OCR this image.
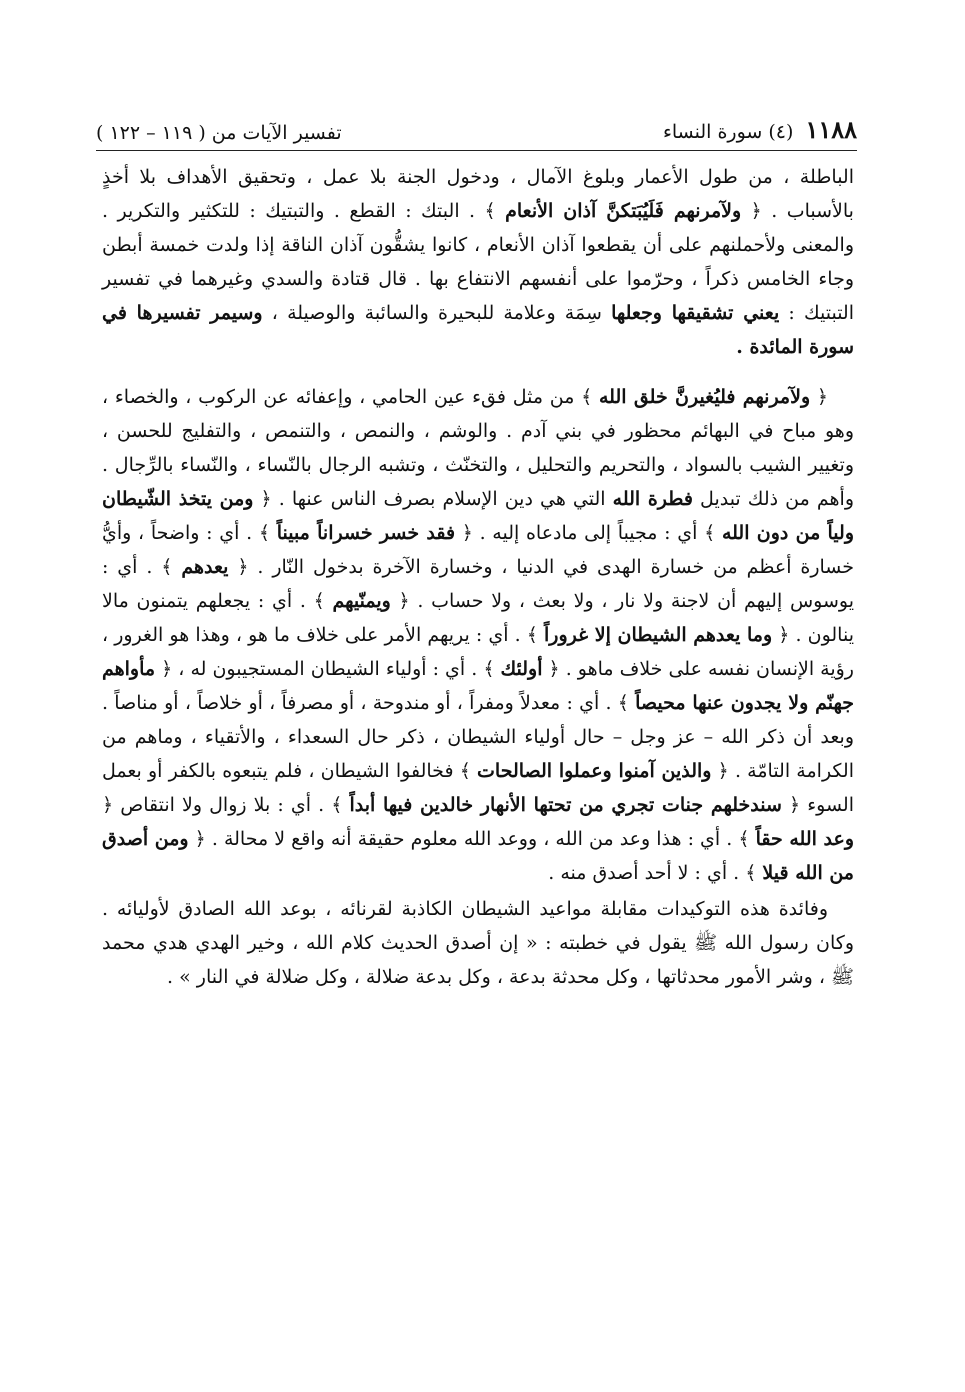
١١٨٨
(٤) سورة النساء
تفسير الآيات من ( ١١٩ – ١٢٢ )

الباطلة ، من طول الأعمار وبلوغ الآمال ، ودخول الجنة بلا عمل ، وتحقيق الأهداف بلا أخذٍ بالأسباب . ﴿ ولآمرنهم فَلَيُبَتكنَّ آذان الأنعام ﴾ . البتك : القطع . والتبتيك : للتكثير والتكرير . والمعنى ولأحملنهم على أن يقطعوا آذان الأنعام ، كانوا يشقُّون آذان الناقة إذا ولدت خمسة أبطن وجاء الخامس ذكراً ، وحرّموا على أنفسهم الانتفاع بها . قال قتادة والسدي وغيرهما في تفسير التبتيك : يعني تشقيقها وجعلها سِمَة وعلامة للبحيرة والسائبة والوصيلة ، وسيمر تفسيرها في سورة المائدة .

﴿ ولآمرنهم فليُغيرنَّ خلق الله ﴾ من مثل فقء عين الحامي ، وإعفائه عن الركوب ، والخصاء ، وهو مباح في البهائم محظور في بني آدم . والوشم ، والنمص ، والتنمص ، والتفليج للحسن ، وتغيير الشيب بالسواد ، والتحريم والتحليل ، والتخنّث ، وتشبه الرجال بالنّساء ، والنّساء بالرِّجال . وأهم من ذلك تبديل فطرة الله التي هي دين الإسلام بصرف الناس عنها . ﴿ ومن يتخذ الشّيطان ولياً من دون الله ﴾ أي : مجيباً إلى مادعاه إليه . ﴿ فقد خسر خسراناً مبيناً ﴾ . أي : واضحاً ، وأيُّ خسارة أعظم من خسارة الهدى في الدنيا ، وخسارة الآخرة بدخول النّار . ﴿ يعدهم ﴾ . أي : يوسوس إليهم أن لاجنة ولا نار ، ولا بعث ، ولا حساب . ﴿ ويمنّيهم ﴾ . أي : يجعلهم يتمنون مالا ينالون . ﴿ وما يعدهم الشيطان إلا غروراً ﴾ . أي : يريهم الأمر على خلاف ما هو ، وهذا هو الغرور ، رؤية الإنسان نفسه على خلاف ماهو . ﴿ أولئك ﴾ . أي : أولياء الشيطان المستجيبون له ، ﴿ مأواهم جهنّم ولا يجدون عنها محيصاً ﴾ . أي : معدلاً ومفراً ، أو مندوحة ، أو مصرفاً ، أو خلاصاً ، أو مناصاً . وبعد أن ذكر الله – عز وجل – حال أولياء الشيطان ، ذكر حال السعداء ، والأتقياء ، وماهم من الكرامة التامّة . ﴿ والذين آمنوا وعملوا الصالحات ﴾ فخالفوا الشيطان ، فلم يتبعوه بالكفر أو بعمل السوء ﴿ سندخلهم جنات تجري من تحتها الأنهار خالدين فيها أبداً ﴾ . أي : بلا زوال ولا انتقاص ﴿ وعد الله حقاً ﴾ . أي : هذا وعد من الله ، ووعد الله معلوم حقيقة أنه واقع لا محالة . ﴿ ومن أصدق من الله قيلا ﴾ . أي : لا أحد أصدق منه .

وفائدة هذه التوكيدات مقابلة مواعيد الشيطان الكاذبة لقرنائه ، بوعد الله الصادق لأوليائه . وكان رسول الله ﷺ يقول في خطبته : « إن أصدق الحديث كلام الله ، وخير الهدي هدي محمد ﷺ ، وشر الأمور محدثاتها ، وكل محدثة بدعة ، وكل بدعة ضلالة ، وكل ضلالة في النار » .
